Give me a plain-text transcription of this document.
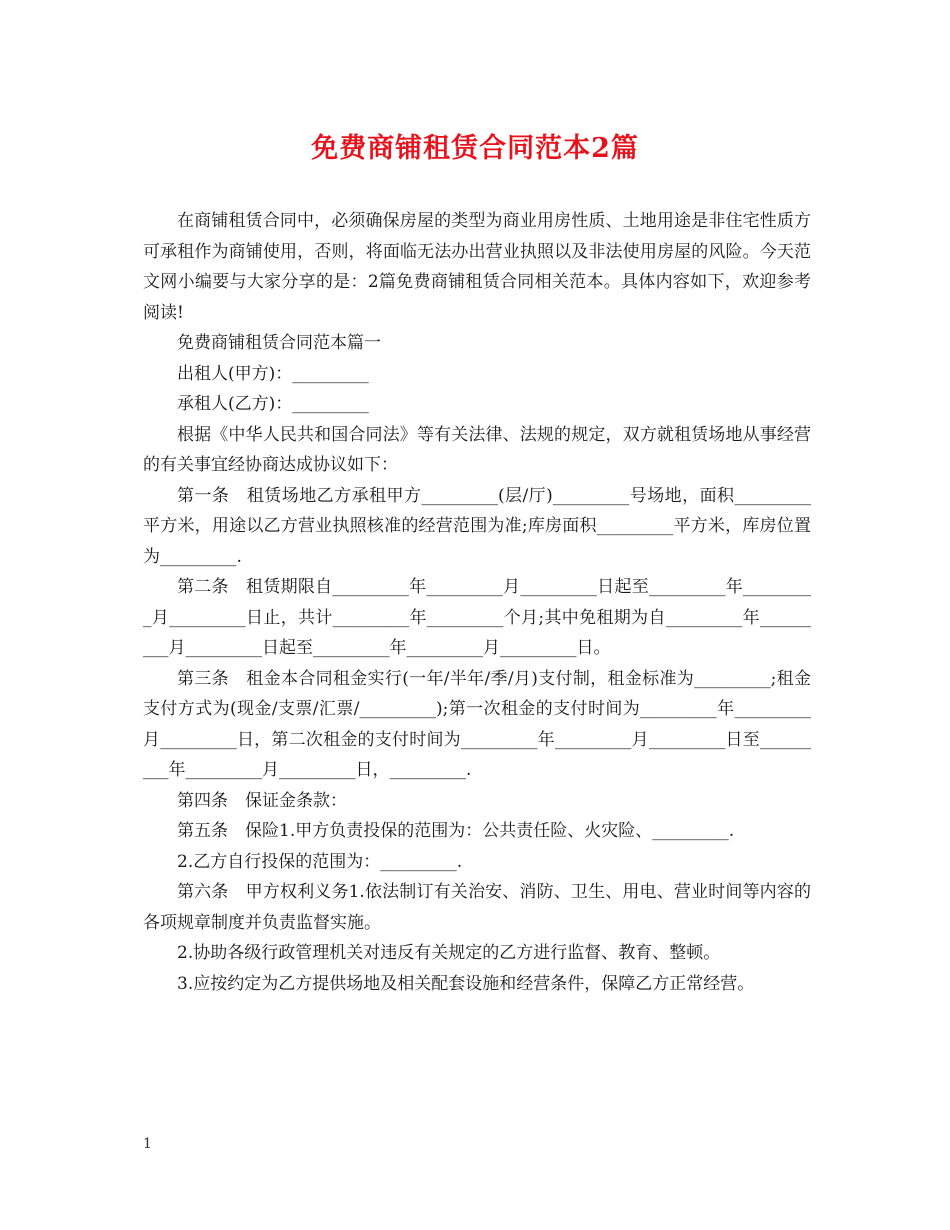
免费商铺租赁合同范本2篇

在商铺租赁合同中，必须确保房屋的类型为商业用房性质、土地用途是非住宅性质方可承租作为商铺使用，否则，将面临无法办出营业执照以及非法使用房屋的风险。今天范文网小编要与大家分享的是：2篇免费商铺租赁合同相关范本。具体内容如下，欢迎参考阅读!

免费商铺租赁合同范本篇一

出租人(甲方)：_________

承租人(乙方)：_________

根据《中华人民共和国合同法》等有关法律、法规的规定，双方就租赁场地从事经营的有关事宜经协商达成协议如下：

第一条　租赁场地乙方承租甲方_________(层/厅)_________号场地，面积_________平方米，用途以乙方营业执照核准的经营范围为准;库房面积_________平方米，库房位置为_________.

第二条　租赁期限自_________年_________月_________日起至_________年_________月_________日止，共计_________年_________个月;其中免租期为自_________年_________月_________日起至_________年_________月_________日。

第三条　租金本合同租金实行(一年/半年/季/月)支付制，租金标准为_________;租金支付方式为(现金/支票/汇票/_________);第一次租金的支付时间为_________年_________月_________日，第二次租金的支付时间为_________年_________月_________日至_________年_________月_________日，_________.

第四条　保证金条款：

第五条　保险1.甲方负责投保的范围为：公共责任险、火灾险、_________.

2.乙方自行投保的范围为：_________.

第六条　甲方权利义务1.依法制订有关治安、消防、卫生、用电、营业时间等内容的各项规章制度并负责监督实施。

2.协助各级行政管理机关对违反有关规定的乙方进行监督、教育、整顿。

3.应按约定为乙方提供场地及相关配套设施和经营条件，保障乙方正常经营。

1
